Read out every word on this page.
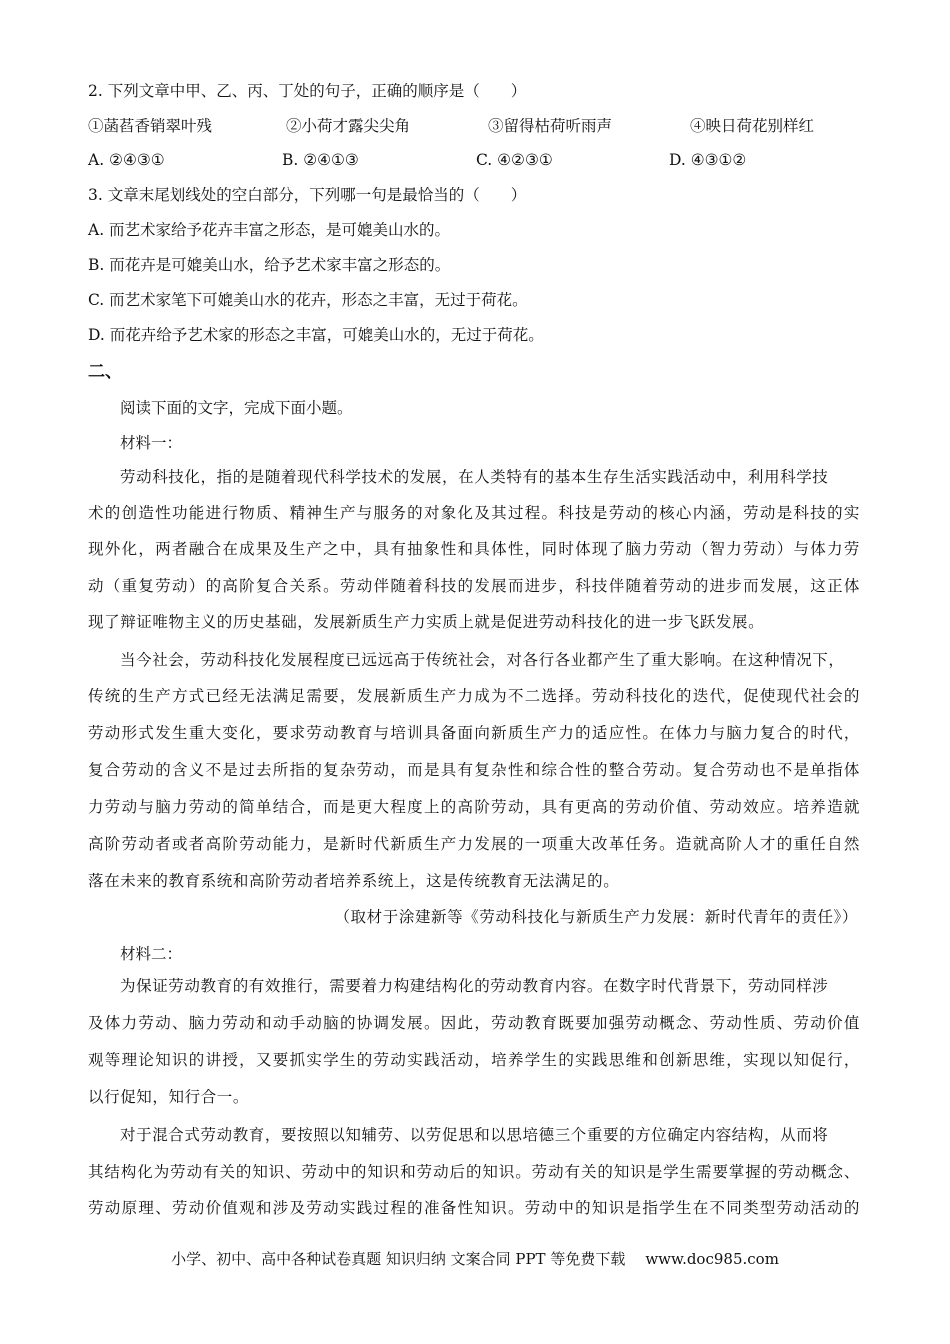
2. 下列文章中甲、乙、丙、丁处的句子，正确的顺序是（　　）
①菡萏香销翠叶残	②小荷才露尖尖角	③留得枯荷听雨声	④映日荷花别样红
A. ②④③①	B. ②④①③	C. ④②③①	D. ④③①②
3. 文章末尾划线处的空白部分，下列哪一句是最恰当的（　　）
A. 而艺术家给予花卉丰富之形态，是可媲美山水的。
B. 而花卉是可媲美山水，给予艺术家丰富之形态的。
C. 而艺术家笔下可媲美山水的花卉，形态之丰富，无过于荷花。
D. 而花卉给予艺术家的形态之丰富，可媲美山水的，无过于荷花。
二、
阅读下面的文字，完成下面小题。
材料一：
劳动科技化，指的是随着现代科学技术的发展，在人类特有的基本生存生活实践活动中，利用科学技
术的创造性功能进行物质、精神生产与服务的对象化及其过程。科技是劳动的核心内涵，劳动是科技的实
现外化，两者融合在成果及生产之中，具有抽象性和具体性，同时体现了脑力劳动（智力劳动）与体力劳
动（重复劳动）的高阶复合关系。劳动伴随着科技的发展而进步，科技伴随着劳动的进步而发展，这正体
现了辩证唯物主义的历史基础，发展新质生产力实质上就是促进劳动科技化的进一步飞跃发展。
当今社会，劳动科技化发展程度已远远高于传统社会，对各行各业都产生了重大影响。在这种情况下，
传统的生产方式已经无法满足需要，发展新质生产力成为不二选择。劳动科技化的迭代，促使现代社会的
劳动形式发生重大变化，要求劳动教育与培训具备面向新质生产力的适应性。在体力与脑力复合的时代，
复合劳动的含义不是过去所指的复杂劳动，而是具有复杂性和综合性的整合劳动。复合劳动也不是单指体
力劳动与脑力劳动的简单结合，而是更大程度上的高阶劳动，具有更高的劳动价值、劳动效应。培养造就
高阶劳动者或者高阶劳动能力，是新时代新质生产力发展的一项重大改革任务。造就高阶人才的重任自然
落在未来的教育系统和高阶劳动者培养系统上，这是传统教育无法满足的。
（取材于涂建新等《劳动科技化与新质生产力发展：新时代青年的责任》）
材料二：
为保证劳动教育的有效推行，需要着力构建结构化的劳动教育内容。在数字时代背景下，劳动同样涉
及体力劳动、脑力劳动和动手动脑的协调发展。因此，劳动教育既要加强劳动概念、劳动性质、劳动价值
观等理论知识的讲授，又要抓实学生的劳动实践活动，培养学生的实践思维和创新思维，实现以知促行，
以行促知，知行合一。
对于混合式劳动教育，要按照以知辅劳、以劳促思和以思培德三个重要的方位确定内容结构，从而将
其结构化为劳动有关的知识、劳动中的知识和劳动后的知识。劳动有关的知识是学生需要掌握的劳动概念、
劳动原理、劳动价值观和涉及劳动实践过程的准备性知识。劳动中的知识是指学生在不同类型劳动活动的
小学、初中、高中各种试卷真题 知识归纳 文案合同 PPT 等免费下载 www.doc985.com
